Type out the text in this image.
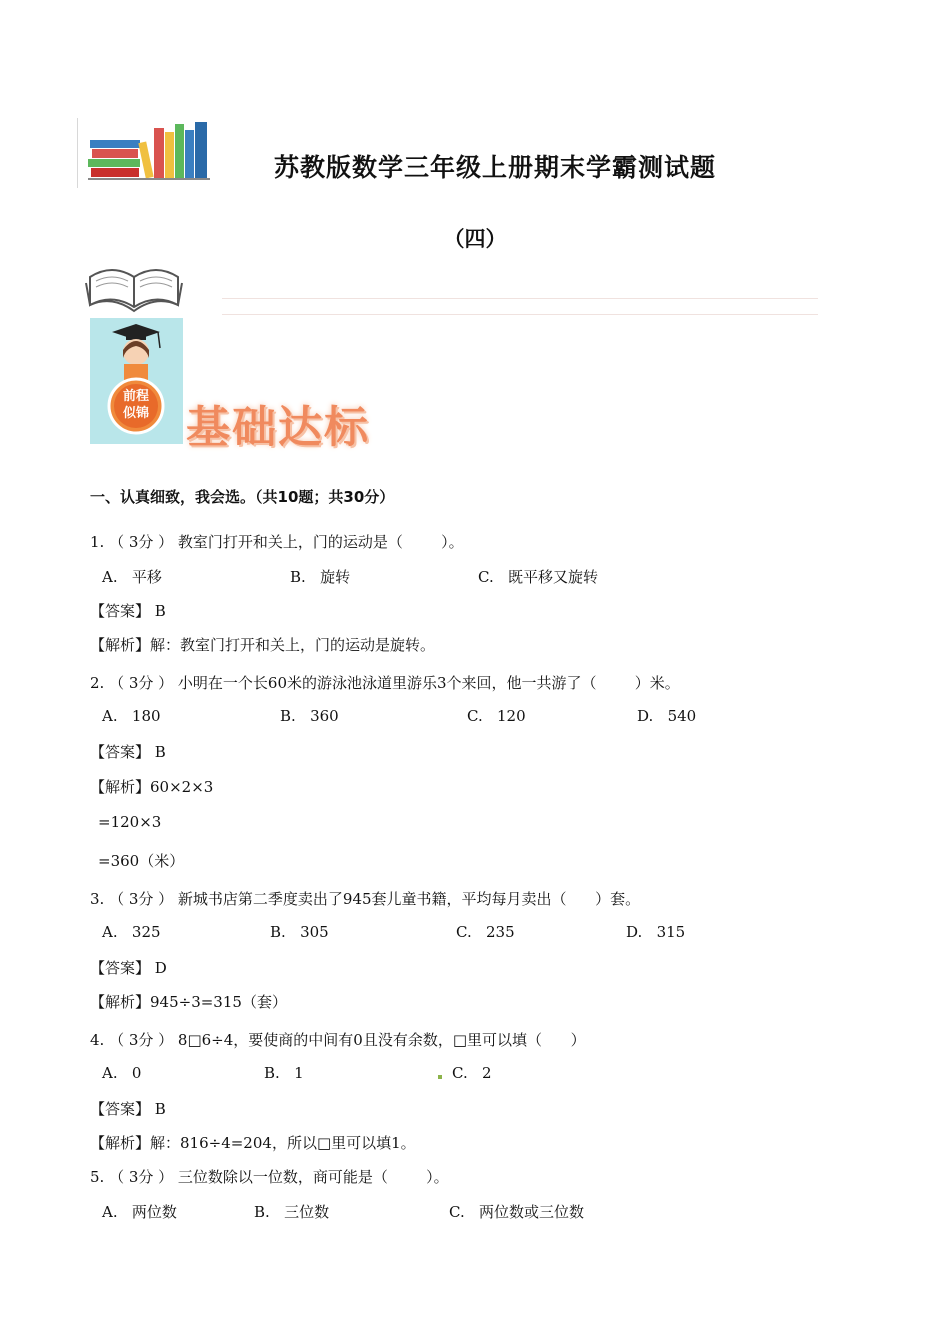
苏教版数学三年级上册期末学霸测试题
（四）
前程似锦 基础达标
一、认真细致，我会选。（共10题；共30分）
1. （ 3分 ） 教室门打开和关上，门的运动是（        ）。
A.   平移	B.   旋转	C.   既平移又旋转
【答案】 B
【解析】解：教室门打开和关上，门的运动是旋转。
2. （ 3分 ） 小明在一个长60米的游泳池泳道里游乐3个来回，他一共游了（        ）米。
A.   180	B.   360	C.   120	D.   540
【答案】 B
【解析】60×2×3
=120×3
=360（米）
3. （ 3分 ） 新城书店第二季度卖出了945套儿童书籍，平均每月卖出（      ）套。
A.   325	B.   305	C.   235	D.   315
【答案】 D
【解析】945÷3=315（套）
4. （ 3分 ） 8□6÷4，要使商的中间有0且没有余数，□里可以填（      ）
A.   0	B.   1	C.   2
【答案】 B
【解析】解：816÷4=204，所以□里可以填1。
5. （ 3分 ） 三位数除以一位数，商可能是（        ）。
A.   两位数	B.   三位数	C.   两位数或三位数
